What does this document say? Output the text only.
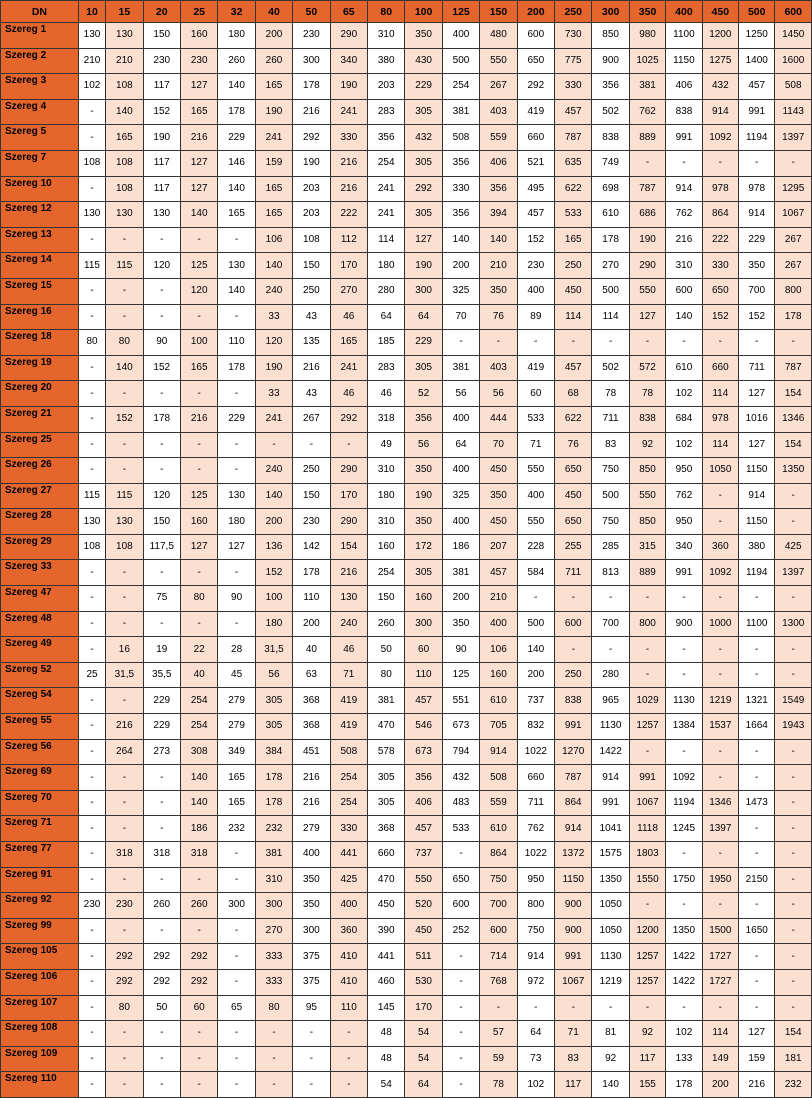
DN	10	15	20	25	32	40	50	65	80	100	125	150	200	250	300	350	400	450	500	600
Szereg 1	130	130	150	160	180	200	230	290	310	350	400	480	600	730	850	980	1100	1200	1250	1450
Szereg 2	210	210	230	230	260	260	300	340	380	430	500	550	650	775	900	1025	1150	1275	1400	1600
Szereg 3	102	108	117	127	140	165	178	190	203	229	254	267	292	330	356	381	406	432	457	508
Szereg 4	-	140	152	165	178	190	216	241	283	305	381	403	419	457	502	762	838	914	991	1143
Szereg 5	-	165	190	216	229	241	292	330	356	432	508	559	660	787	838	889	991	1092	1194	1397
Szereg 7	108	108	117	127	146	159	190	216	254	305	356	406	521	635	749	-	-	-	-	-
Szereg 10	-	108	117	127	140	165	203	216	241	292	330	356	495	622	698	787	914	978	978	1295
Szereg 12	130	130	130	140	165	165	203	222	241	305	356	394	457	533	610	686	762	864	914	1067
Szereg 13	-	-	-	-	-	106	108	112	114	127	140	140	152	165	178	190	216	222	229	267
Szereg 14	115	115	120	125	130	140	150	170	180	190	200	210	230	250	270	290	310	330	350	267
Szereg 15	-	-	-	120	140	240	250	270	280	300	325	350	400	450	500	550	600	650	700	800
Szereg 16	-	-	-	-	-	33	43	46	64	64	70	76	89	114	114	127	140	152	152	178
Szereg 18	80	80	90	100	110	120	135	165	185	229	-	-	-	-	-	-	-	-	-	-
Szereg 19	-	140	152	165	178	190	216	241	283	305	381	403	419	457	502	572	610	660	711	787
Szereg 20	-	-	-	-	-	33	43	46	46	52	56	56	60	68	78	78	102	114	127	154
Szereg 21	-	152	178	216	229	241	267	292	318	356	400	444	533	622	711	838	684	978	1016	1346
Szereg 25	-	-	-	-	-	-	-	-	49	56	64	70	71	76	83	92	102	114	127	154
Szereg 26	-	-	-	-	-	240	250	290	310	350	400	450	550	650	750	850	950	1050	1150	1350
Szereg 27	115	115	120	125	130	140	150	170	180	190	325	350	400	450	500	550	762	-	914	-
Szereg 28	130	130	150	160	180	200	230	290	310	350	400	450	550	650	750	850	950	-	1150	-
Szereg 29	108	108	117,5	127	127	136	142	154	160	172	186	207	228	255	285	315	340	360	380	425
Szereg 33	-	-	-	-	-	152	178	216	254	305	381	457	584	711	813	889	991	1092	1194	1397
Szereg 47	-	-	75	80	90	100	110	130	150	160	200	210	-	-	-	-	-	-	-	-
Szereg 48	-	-	-	-	-	180	200	240	260	300	350	400	500	600	700	800	900	1000	1100	1300
Szereg 49	-	16	19	22	28	31,5	40	46	50	60	90	106	140	-	-	-	-	-	-	-
Szereg 52	25	31,5	35,5	40	45	56	63	71	80	110	125	160	200	250	280	-	-	-	-	-
Szereg 54	-	-	229	254	279	305	368	419	381	457	551	610	737	838	965	1029	1130	1219	1321	1549
Szereg 55	-	216	229	254	279	305	368	419	470	546	673	705	832	991	1130	1257	1384	1537	1664	1943
Szereg 56	-	264	273	308	349	384	451	508	578	673	794	914	1022	1270	1422	-	-	-	-	-
Szereg 69	-	-	-	140	165	178	216	254	305	356	432	508	660	787	914	991	1092	-	-	-
Szereg 70	-	-	-	140	165	178	216	254	305	406	483	559	711	864	991	1067	1194	1346	1473	-
Szereg 71	-	-	-	186	232	232	279	330	368	457	533	610	762	914	1041	1118	1245	1397	-	-
Szereg 77	-	318	318	318	-	381	400	441	660	737	-	864	1022	1372	1575	1803	-	-	-	-
Szereg 91	-	-	-	-	-	310	350	425	470	550	650	750	950	1150	1350	1550	1750	1950	2150	-
Szereg 92	230	230	260	260	300	300	350	400	450	520	600	700	800	900	1050	-	-	-	-	-
Szereg 99	-	-	-	-	-	270	300	360	390	450	252	600	750	900	1050	1200	1350	1500	1650	-
Szereg 105	-	292	292	292	-	333	375	410	441	511	-	714	914	991	1130	1257	1422	1727	-	-
Szereg 106	-	292	292	292	-	333	375	410	460	530	-	768	972	1067	1219	1257	1422	1727	-	-
Szereg 107	-	80	50	60	65	80	95	110	145	170	-	-	-	-	-	-	-	-	-	-
Szereg 108	-	-	-	-	-	-	-	-	48	54	-	57	64	71	81	92	102	114	127	154
Szereg 109	-	-	-	-	-	-	-	-	48	54	-	59	73	83	92	117	133	149	159	181
Szereg 110	-	-	-	-	-	-	-	-	54	64	-	78	102	117	140	155	178	200	216	232
